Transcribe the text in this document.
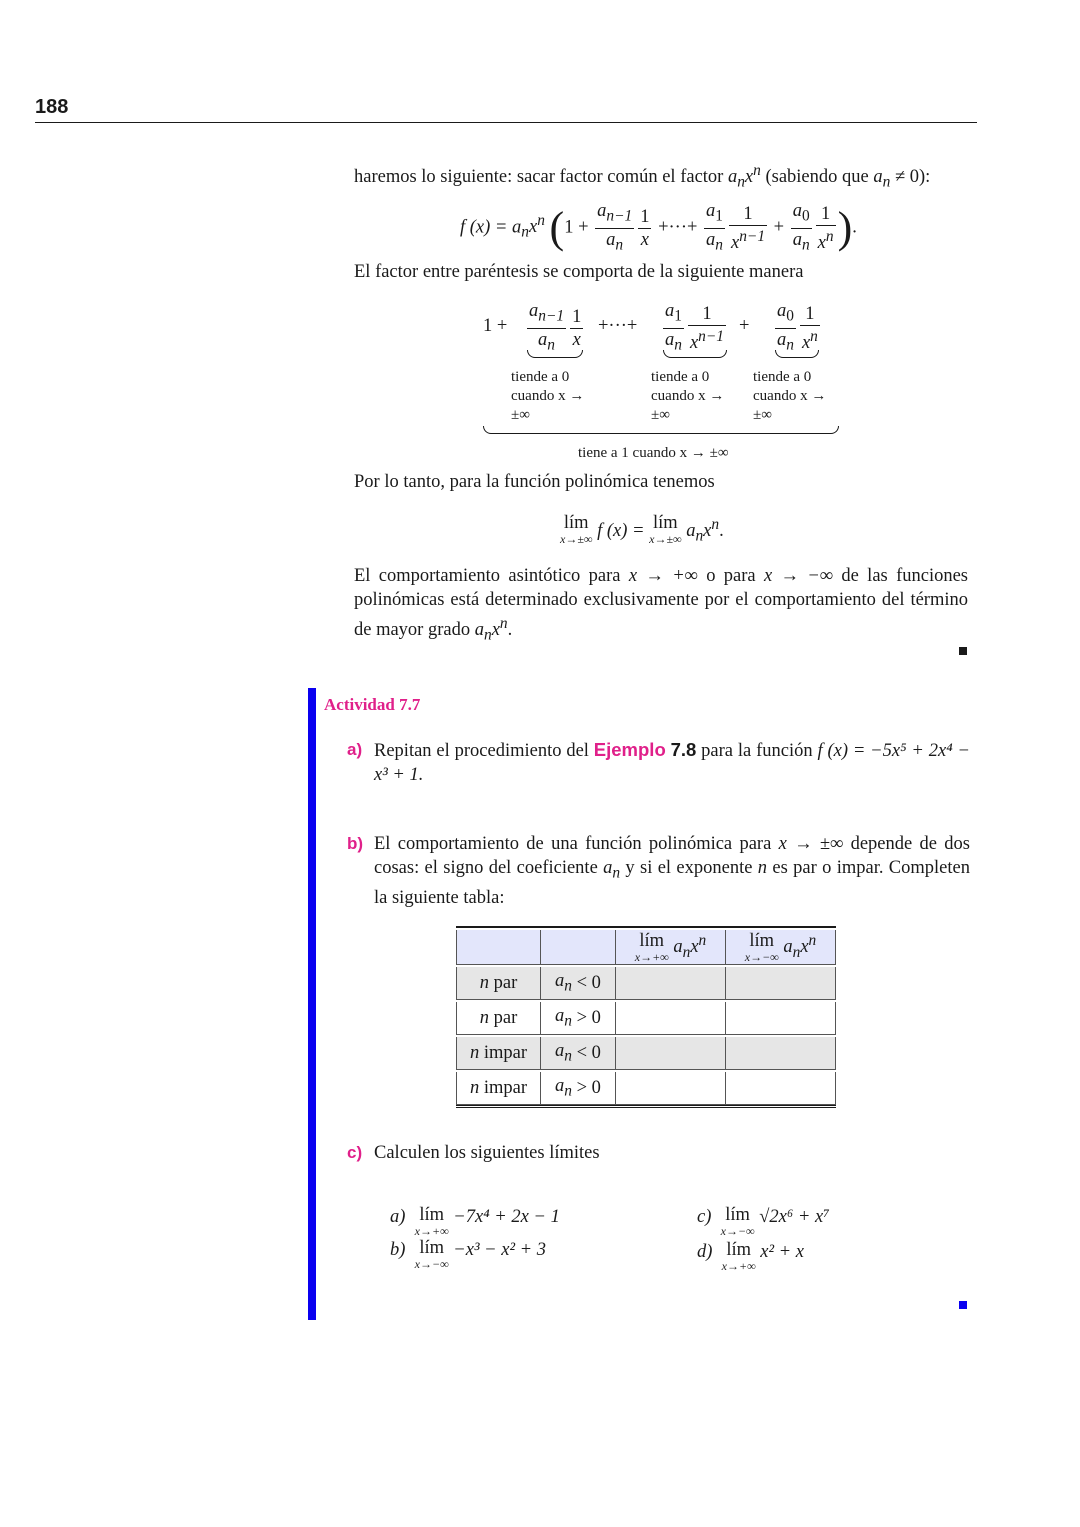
188
haremos lo siguiente: sacar factor común el factor $a_nx^n$ (sabiendo que $a_n \ne 0$):
f $(x) = a_nx^n$ ($1 + \frac{a_{n-1}}{a_n} \frac{1}{x}$ +···+ $\frac{a_1}{a_n} \frac{1}{x^{n-1}} + \frac{a_0}{a_n} \frac{1}{x^n}$ ).
El factor entre paréntesis se comporta de la siguiente manera
$1 + \frac{a_{n-1}}{a_n} \frac{1}{x}$ +···+ $\frac{a_1}{a_n} \frac{1}{x^{n-1}} + \frac{a_0}{a_n} \frac{1}{x^n}$
tiende a 0
cuando x →
±∞
tiende a 0
cuando x →
±∞
tiende a 0
cuando x →
±∞
tiene a 1 cuando x → ±∞
Por lo tanto, para la función polinómica tenemos
lím
x→±∞ f (x) = lím
x→±∞ $a_nx^n$.
El comportamiento asintótico para x → +∞ o para x → −∞ de las funciones polinómicas está determinado exclusivamente por el comportamiento del término de mayor grado $a_nx^n$.
Actividad 7.7
a) Repitan el procedimiento del Ejemplo 7.8 para la función f (x) = −5x⁵ + 2x⁴ − x³ + 1.
b) El comportamiento de una función polinómica para x → ±∞ depende de dos cosas: el signo del coeficiente $a_n$ y si el exponente n es par o impar. Completen la siguiente tabla:
lím
x→+∞
$a_nx^n$ lím
x→−∞
$a_nx^n$
n
par $a_n$
< 0
n
par $a_n$
> 0
n
impar $a_n$
< 0
n
impar $a_n$
> 0
c) Calculen los siguientes límites
a) lím
x→+∞
−7x⁴ + 2x − 1
b) lím
x→−∞
−x³ − x² + 3
c) lím
x→−∞
√2x⁶ + x⁷
d) lím
x→+∞
x² + x
